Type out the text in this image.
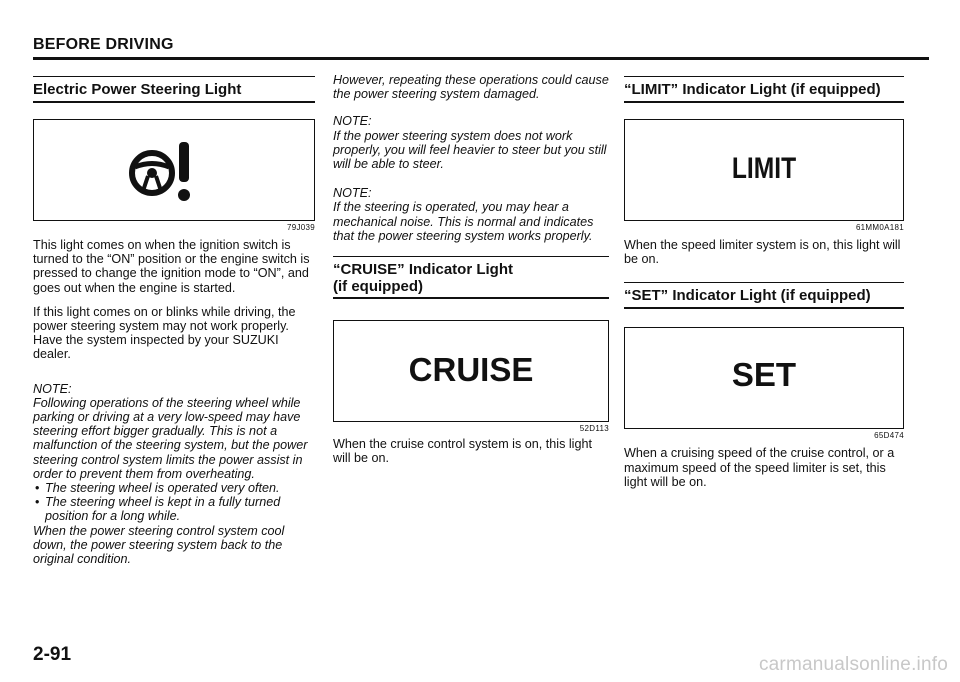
BEFORE DRIVING
Electric Power Steering Light
79J039

This light comes on when the ignition switch is turned to the “ON” position or the engine switch is pressed to change the ignition mode to “ON”, and goes out when the engine is started.

If this light comes on or blinks while driving, the power steering system may not work properly. Have the system inspected by your SUZUKI dealer.

NOTE:

Following operations of the steering wheel while parking or driving at a very low-speed may have steering effort bigger gradually. This is not a malfunction of the steering system, but the power steering control system limits the power assist in order to prevent them from overheating.

• The steering wheel is operated very often.
• The steering wheel is kept in a fully turned position for a long while.

When the power steering control system cool down, the power steering system back to the original condition.

However, repeating these operations could cause the power steering system damaged.

NOTE:

If the power steering system does not work properly, you will feel heavier to steer but you still will be able to steer.

NOTE:

If the steering is operated, you may hear a mechanical noise. This is normal and indicates that the power steering system works properly.

“CRUISE” Indicator Light
(if equipped)
CRUISE
52D113

When the cruise control system is on, this light will be on.

“LIMIT” Indicator Light (if equipped)
LIMIT
61MM0A181

When the speed limiter system is on, this light will be on.

“SET” Indicator Light (if equipped)
SET
65D474

When a cruising speed of the cruise control, or a maximum speed of the speed limiter is set, this light will be on.

2-91	carmanualsonline.info
